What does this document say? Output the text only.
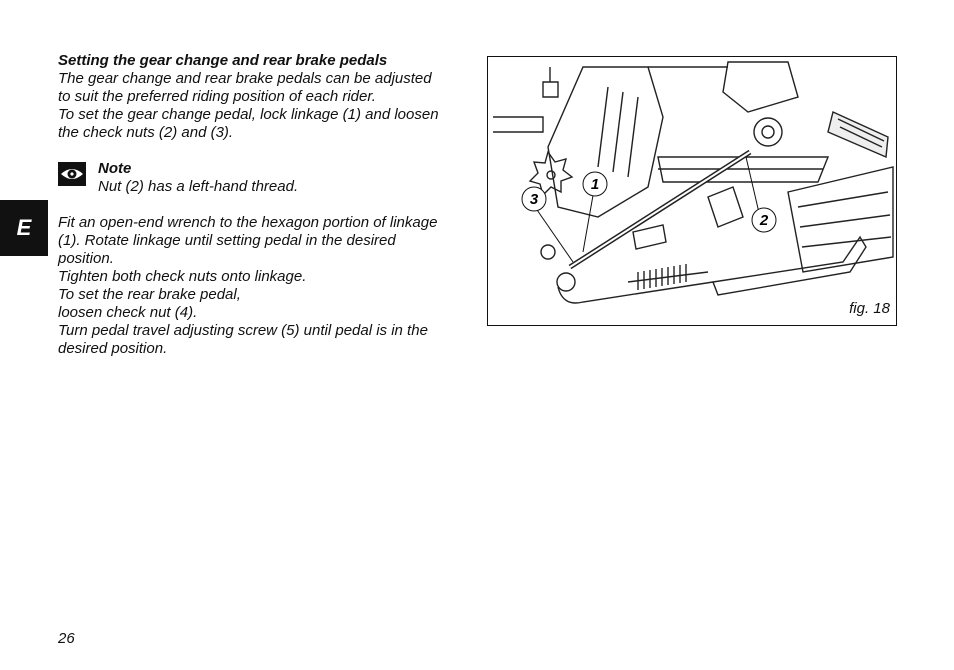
E

Setting the gear change and rear brake pedals

The gear change and rear brake pedals can be adjusted

to suit the preferred riding position of each rider.

To set the gear change pedal, lock linkage (1) and loosen

the check nuts (2) and (3).

Note

Nut (2) has a left-hand thread.

Fit an open-end wrench to the hexagon portion of linkage

(1). Rotate linkage until setting pedal in the desired

position.

Tighten both check nuts onto linkage.

To set the rear brake pedal,

loosen check nut (4).

Turn pedal travel adjusting screw (5) until pedal is in the

desired position.

1
2
3
fig. 18
26
